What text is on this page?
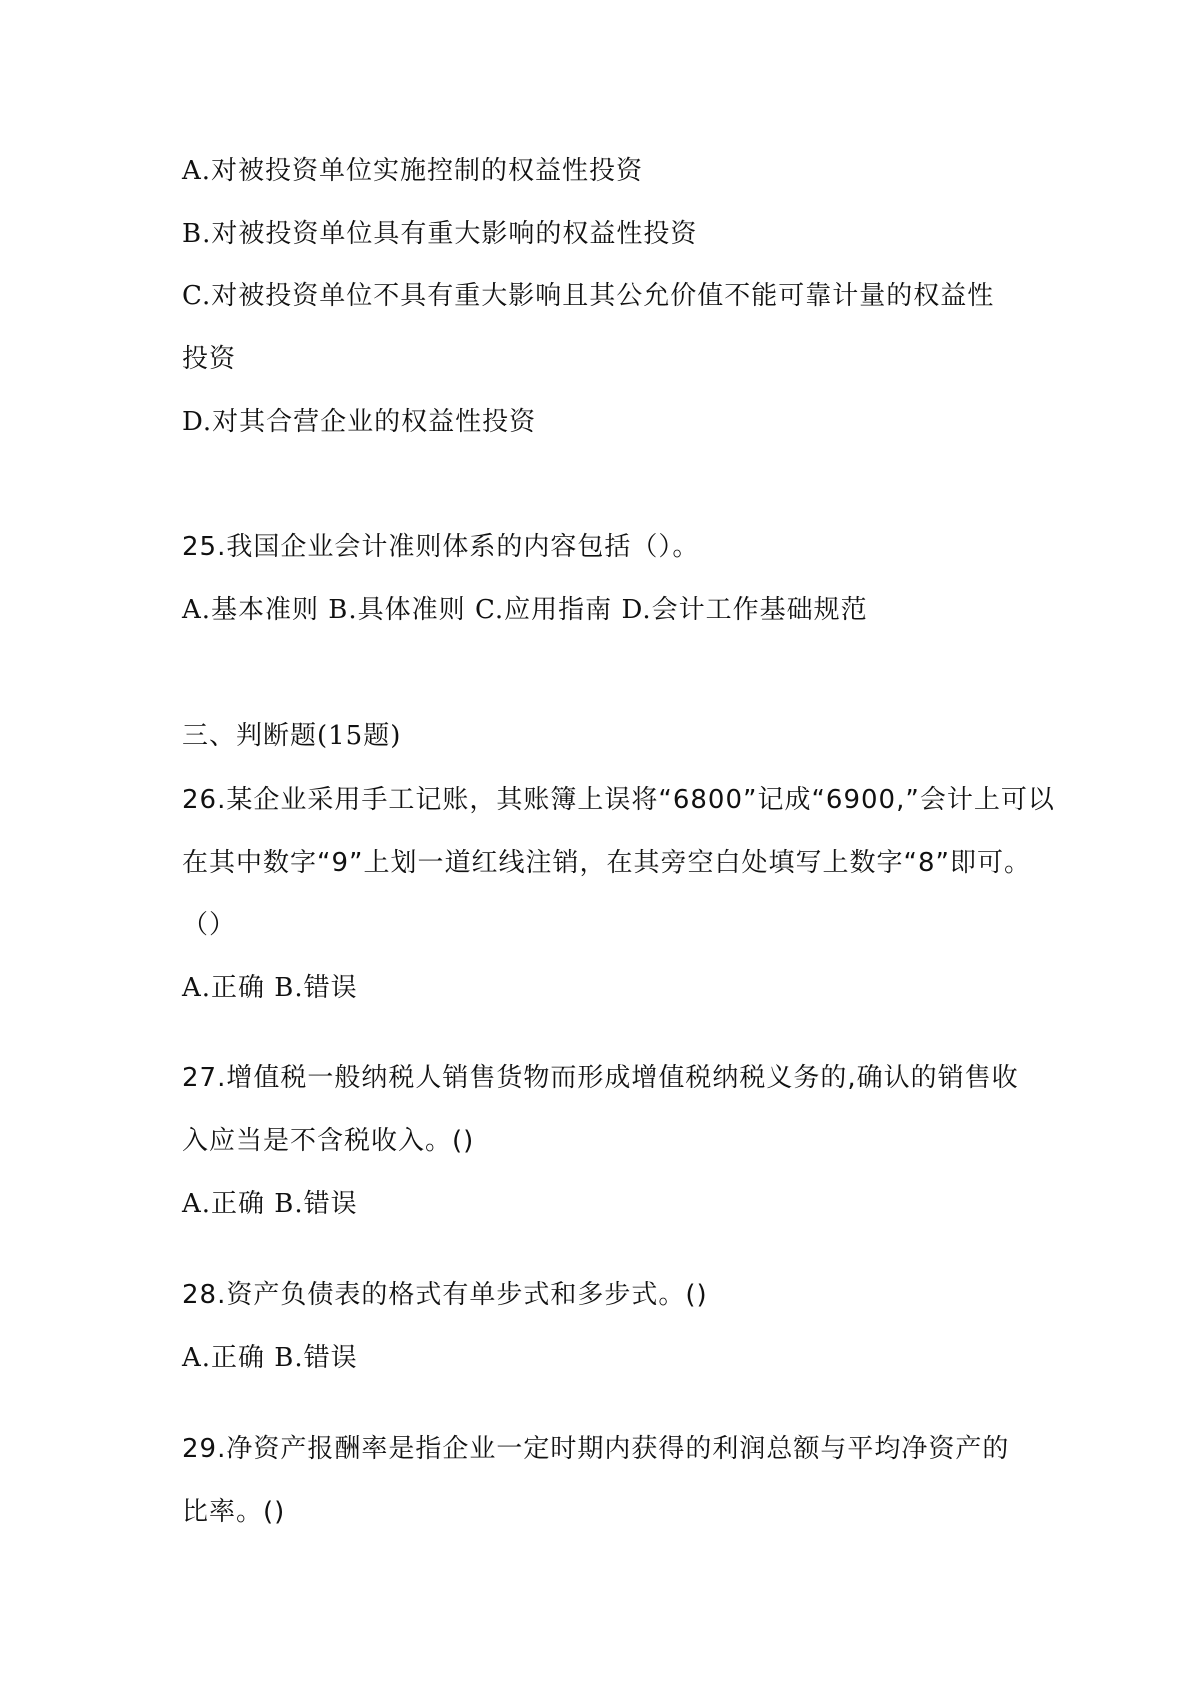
A.对被投资单位实施控制的权益性投资
B.对被投资单位具有重大影响的权益性投资
C.对被投资单位不具有重大影响且其公允价值不能可靠计量的权益性
投资
D.对其合营企业的权益性投资
25.我国企业会计准则体系的内容包括（）。
A.基本准则 B.具体准则 C.应用指南 D.会计工作基础规范
三、判断题(15题)
26.某企业采用手工记账，其账簿上误将“6800”记成“6900,”会计上可以
在其中数字“9”上划一道红线注销，在其旁空白处填写上数字“8”即可。
（）
A.正确 B.错误
27.增值税一般纳税人销售货物而形成增值税纳税义务的,确认的销售收
入应当是不含税收入。()
A.正确 B.错误
28.资产负债表的格式有单步式和多步式。()
A.正确 B.错误
29.净资产报酬率是指企业一定时期内获得的利润总额与平均净资产的
比率。()
